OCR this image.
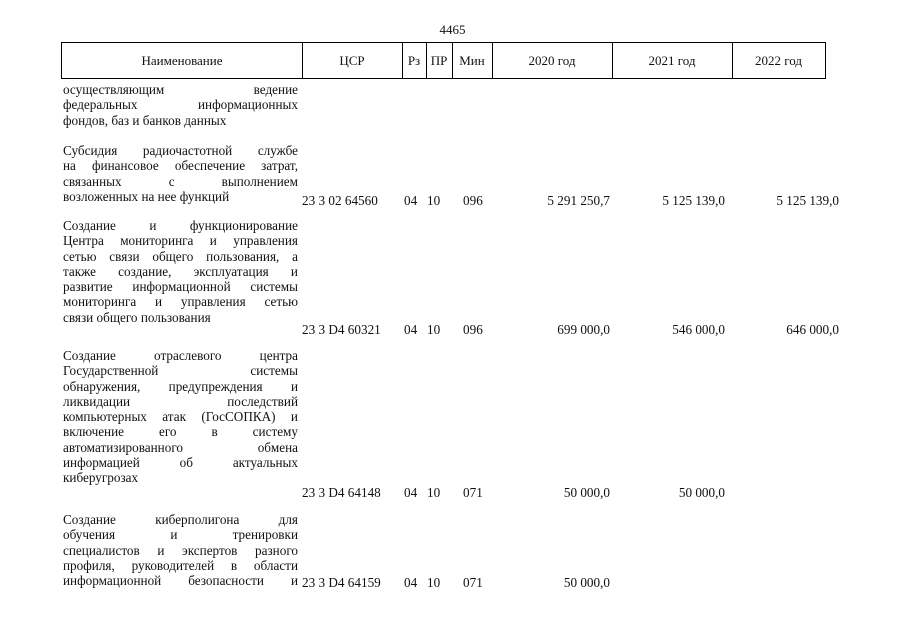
4465
Наименование	ЦСР	Рз ПР Мин	2020 год	2021 год	2022 год
осуществляющим ведение
федеральных информационных
фондов, баз и банков данных
Субсидия радиочастотной службе
на финансовое обеспечение затрат,
связанных с выполнением
возложенных на нее функций	23 3 02 64560 04 10 096	5 291 250,7	5 125 139,0	5 125 139,0
Создание и функционирование
Центра мониторинга и управления
сетью связи общего пользования, а
также создание, эксплуатация и
развитие информационной системы
мониторинга и управления сетью
связи общего пользования
23 3 D4 60321 04 10 096	699 000,0	546 000,0	646 000,0
Создание отраслевого центра
Государственной системы
обнаружения, предупреждения и
ликвидации последствий
компьютерных атак (ГосСОПКА) и
включение его в систему
автоматизированного обмена
информацией об актуальных
киберугрозах
23 3 D4 64148 04 10 071	50 000,0	50 000,0
Создание киберполигона для
обучения и тренировки
специалистов и экспертов разного
профиля, руководителей в области
информационной безопасности и 23 3 D4 64159 04 10 071	50 000,0
